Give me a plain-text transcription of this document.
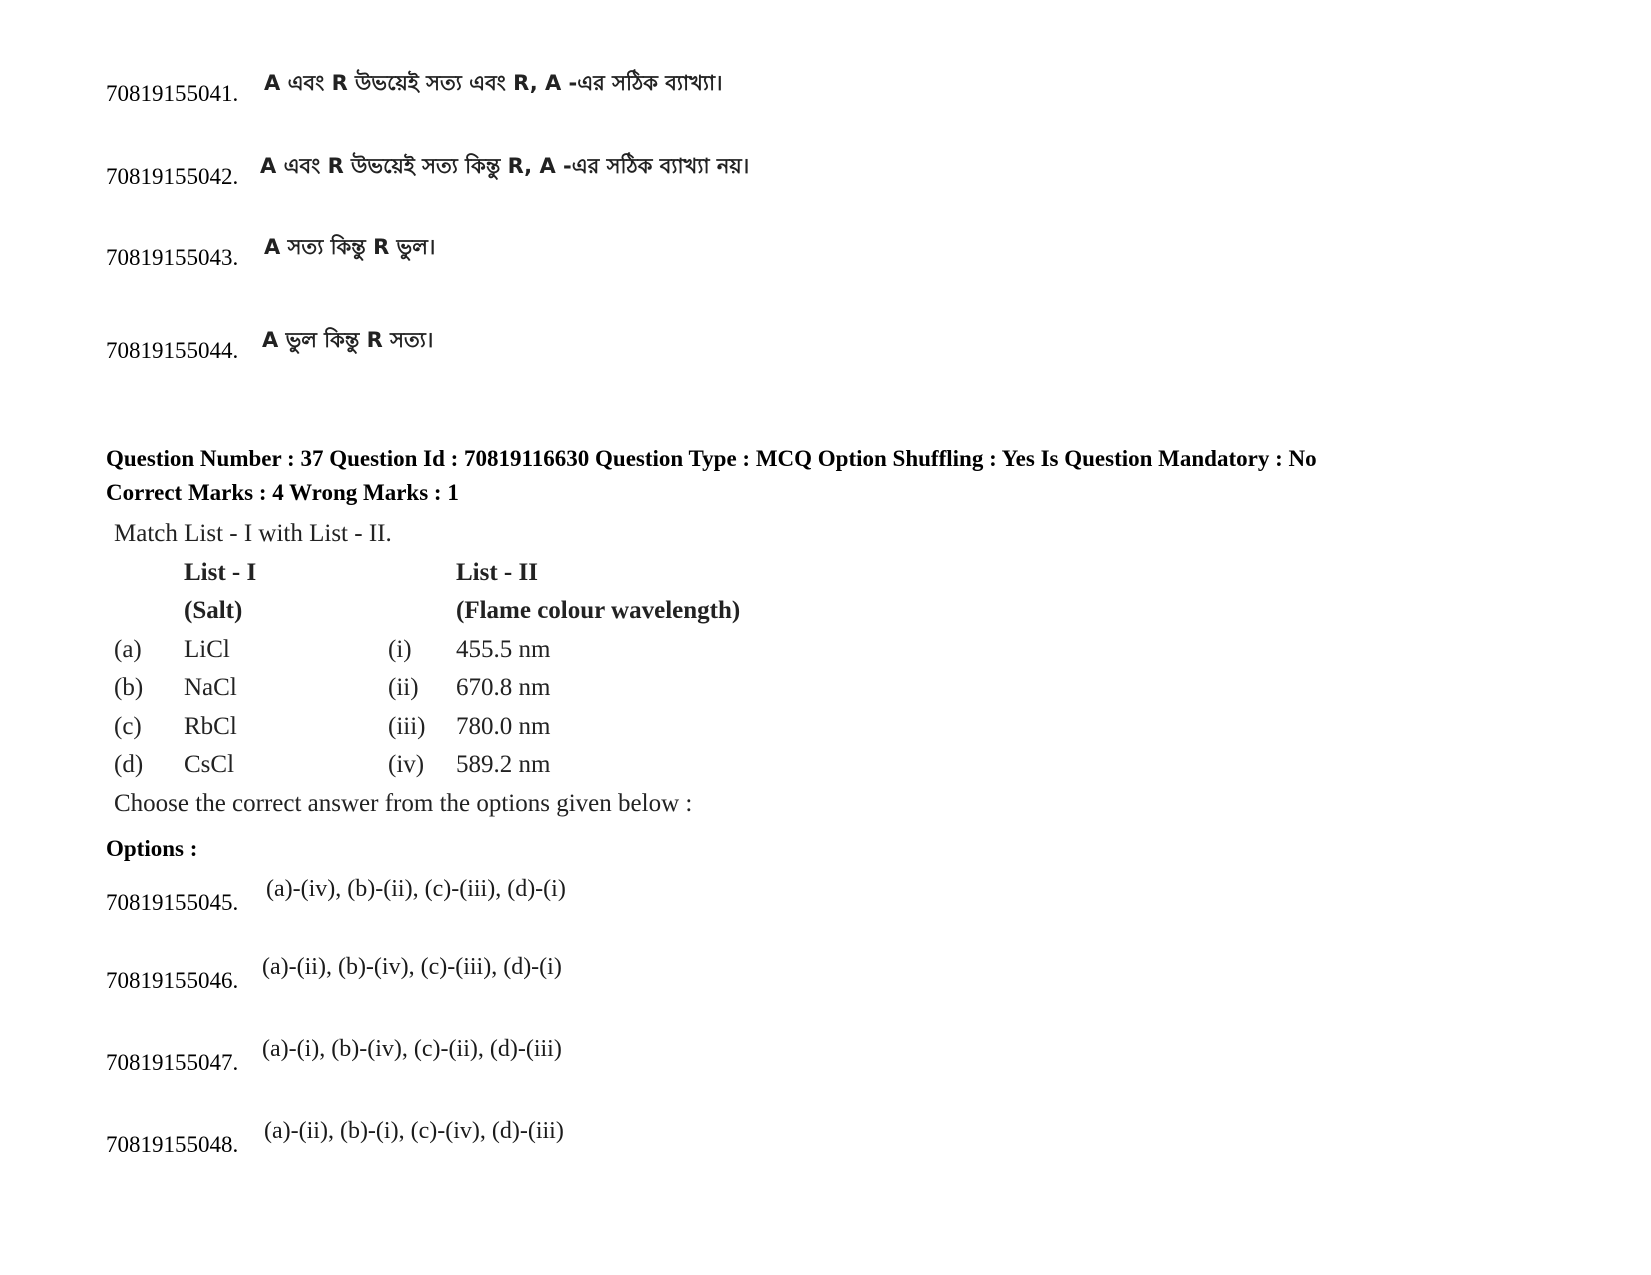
70819155041. A এবং R উভয়েই সত্য এবং R, A -এর সঠিক ব্যাখ্যা।
70819155042. A এবং R উভয়েই সত্য কিন্তু R, A -এর সঠিক ব্যাখ্যা নয়।
70819155043. A সত্য কিন্তু R ভুল।
70819155044. A ভুল কিন্তু R সত্য।
Question Number : 37 Question Id : 70819116630 Question Type : MCQ Option Shuffling : Yes Is Question Mandatory : No
Correct Marks : 4 Wrong Marks : 1
Match List - I with List - II.
List - I	List - II
(Salt)	(Flame colour wavelength)
(a) LiCl	(i) 455.5 nm
(b) NaCl	(ii) 670.8 nm
(c) RbCl	(iii) 780.0 nm
(d) CsCl	(iv) 589.2 nm
Choose the correct answer from the options given below :
Options :
70819155045.
(a)-(iv), (b)-(ii), (c)-(iii), (d)-(i)
70819155046.
(a)-(ii), (b)-(iv), (c)-(iii), (d)-(i)
70819155047.
(a)-(i), (b)-(iv), (c)-(ii), (d)-(iii)
70819155048.
(a)-(ii), (b)-(i), (c)-(iv), (d)-(iii)
